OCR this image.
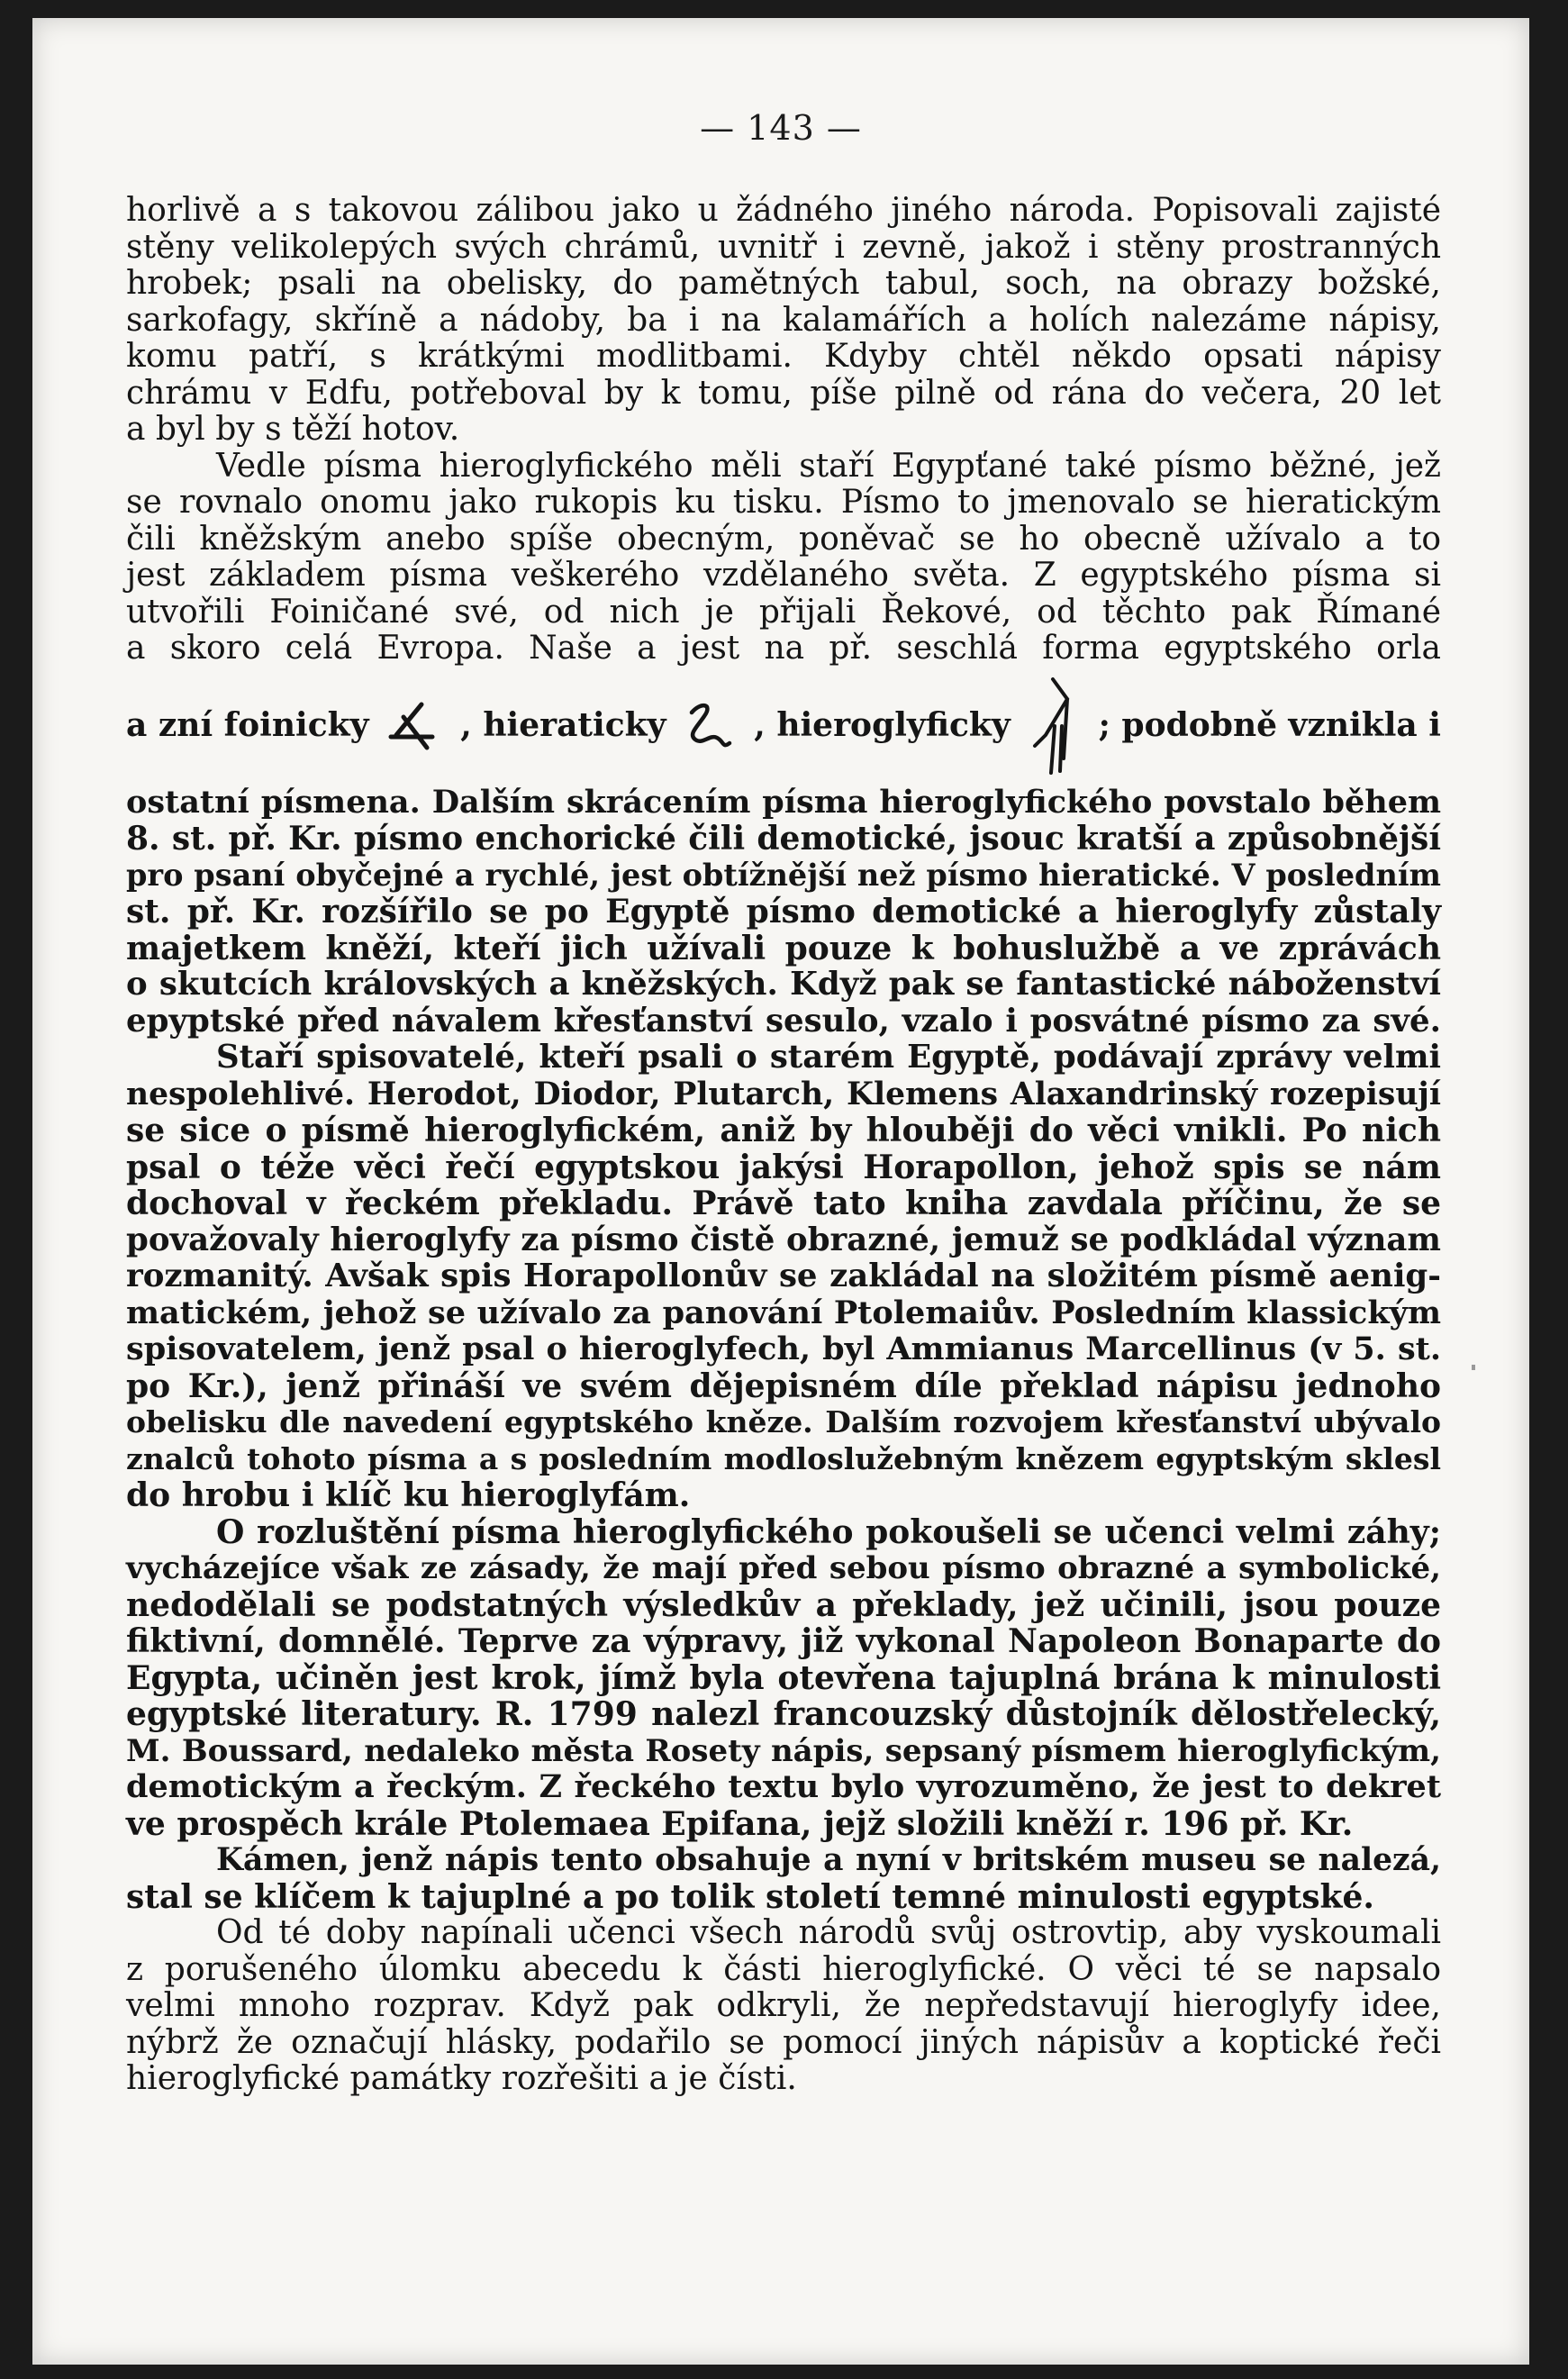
— 143 —
horlivě a s takovou zálibou jako u žádného jiného národa. Popisovali zajisté
stěny velikolepých svých chrámů, uvnitř i zevně, jakož i stěny prostranných
hrobek; psali na obelisky, do pamětných tabul, soch, na obrazy božské,
sarkofagy, skříně a nádoby, ba i na kalamářích a holích nalezáme nápisy,
komu patří, s krátkými modlitbami. Kdyby chtěl někdo opsati nápisy
chrámu v Edfu, potřeboval by k tomu, píše pilně od rána do večera, 20 let
a byl by s těží hotov.
Vedle písma hieroglyfického měli staří Egypťané také písmo běžné, jež
se rovnalo onomu jako rukopis ku tisku. Písmo to jmenovalo se hieratickým
čili kněžským anebo spíše obecným, poněvač se ho obecně užívalo a to
jest základem písma veškerého vzdělaného světa. Z egyptského písma si
utvořili Foiničané své, od nich je přijali Řekové, od těchto pak Římané
a skoro celá Evropa. Naše a jest na př. seschlá forma egyptského orla
a zní foinicky	, hieraticky	, hieroglyficky	; podobně vznikla i
ostatní písmena. Dalším skrácením písma hieroglyfického povstalo během
8. st. př. Kr. písmo enchorické čili demotické, jsouc kratší a způsobnější
pro psaní obyčejné a rychlé, jest obtížnější než písmo hieratické. V posledním
st. př. Kr. rozšířilo se po Egyptě písmo demotické a hieroglyfy zůstaly
majetkem kněží, kteří jich užívali pouze k bohuslužbě a ve zprávách
o skutcích královských a kněžských. Když pak se fantastické náboženství
epyptské před návalem křesťanství sesulo, vzalo i posvátné písmo za své.
Staří spisovatelé, kteří psali o starém Egyptě, podávají zprávy velmi
nespolehlivé. Herodot, Diodor, Plutarch, Klemens Alaxandrinský rozepisují
se sice o písmě hieroglyfickém, aniž by hlouběji do věci vnikli. Po nich
psal o téže věci řečí egyptskou jakýsi Horapollon, jehož spis se nám
dochoval v řeckém překladu. Právě tato kniha zavdala příčinu, že se
považovaly hieroglyfy za písmo čistě obrazné, jemuž se podkládal význam
rozmanitý. Avšak spis Horapollonův se zakládal na složitém písmě aenig-
matickém, jehož se užívalo za panování Ptolemaiův. Posledním klassickým
spisovatelem, jenž psal o hieroglyfech, byl Ammianus Marcellinus (v 5. st.
po Kr.), jenž přináší ve svém dějepisném díle překlad nápisu jednoho
obelisku dle navedení egyptského kněze. Dalším rozvojem křesťanství ubývalo
znalců tohoto písma a s posledním modloslužebným knězem egyptským sklesl
do hrobu i klíč ku hieroglyfám.
O rozluštění písma hieroglyfického pokoušeli se učenci velmi záhy;
vycházejíce však ze zásady, že mají před sebou písmo obrazné a symbolické,
nedodělali se podstatných výsledkův a překlady, jež učinili, jsou pouze
fiktivní, domnělé. Teprve za výpravy, již vykonal Napoleon Bonaparte do
Egypta, učiněn jest krok, jímž byla otevřena tajuplná brána k minulosti
egyptské literatury. R. 1799 nalezl francouzský důstojník dělostřelecký,
M. Boussard, nedaleko města Rosety nápis, sepsaný písmem hieroglyfickým,
demotickým a řeckým. Z řeckého textu bylo vyrozuměno, že jest to dekret
ve prospěch krále Ptolemaea Epifana, jejž složili kněží r. 196 př. Kr.
Kámen, jenž nápis tento obsahuje a nyní v britském museu se nalezá,
stal se klíčem k tajuplné a po tolik století temné minulosti egyptské.
Od té doby napínali učenci všech národů svůj ostrovtip, aby vyskoumali
z porušeného úlomku abecedu k části hieroglyfické. O věci té se napsalo
velmi mnoho rozprav. Když pak odkryli, že nepředstavují hieroglyfy idee,
nýbrž že označují hlásky, podařilo se pomocí jiných nápisův a koptické řeči
hieroglyfické památky rozřešiti a je čísti.
